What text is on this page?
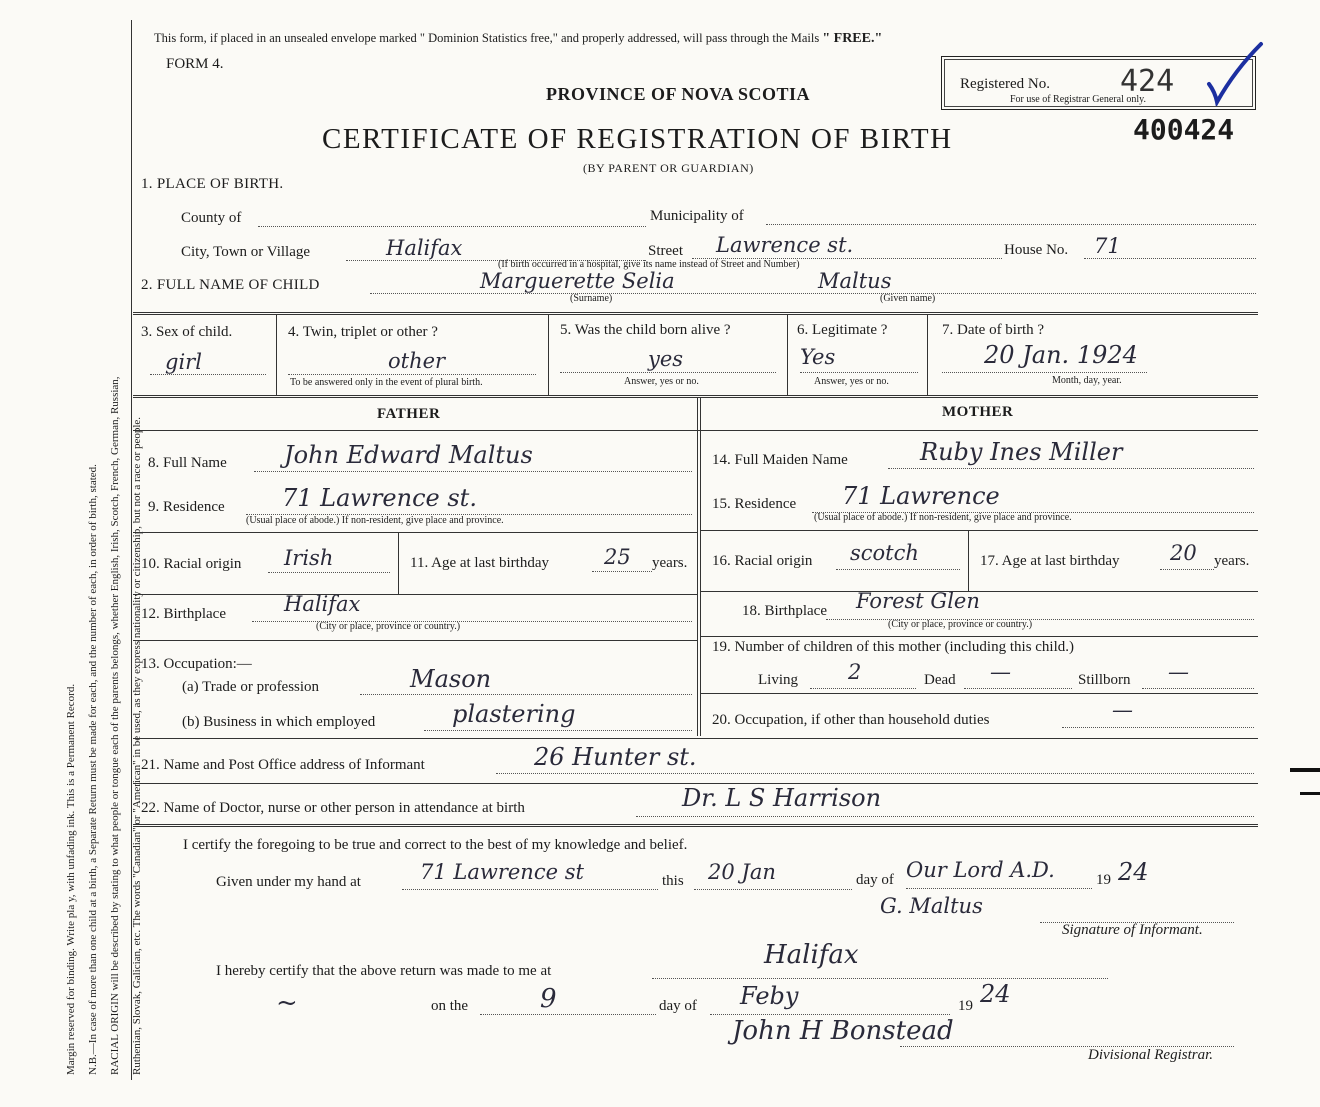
Margin reserved for binding. Write pla y, with unfading ink. This is a Permanent Record. N.B.—In case of more than one child at a birth, a Separate Return must be made for each, and the number of each, in order of birth, stated. RACIAL ORIGIN will be described by stating to what people or tongue each of the parents belongs, whether English, Irish, Scotch, French, German, Russian, Ruthenian, Slovak, Galician, etc. The words "Canadian" or "American" in be used, as they express nationality or citizenship, but not a race or people.
This form, if placed in an unsealed envelope marked " Dominion Statistics free," and properly addressed, will pass through the Mails " FREE."
FORM 4.
PROVINCE OF NOVA SCOTIA
CERTIFICATE OF REGISTRATION OF BIRTH
(BY PARENT OR GUARDIAN)
Registered No. 424
For use of Registrar General only.
400424
1. PLACE OF BIRTH.
County of	Municipality of
City, Town or Village	Halifax	Street Lawrence st.	House No. 71
(If birth occurred in a hospital, give its name instead of Street and Number)
2. FULL NAME OF CHILD	Marguerette Selia	Maltus
(Surname)	(Given name)
3. Sex of child.
girl
4. Twin, triplet or other ?
other
To be answered only in the event of plural birth.
5. Was the child born alive ?
yes
Answer, yes or no.
6. Legitimate ?
Yes
Answer, yes or no.
7. Date of birth ?
20 Jan. 1924
Month, day, year.
FATHER	MOTHER
8. Full Name John Edward Maltus
9. Residence 71 Lawrence st.
(Usual place of abode.) If non-resident, give place and province.
10. Racial origin Irish	11. Age at last birthday	25 years.
12. Birthplace	Halifax
(City or place, province or country.)
13. Occupation:—
(a) Trade or profession	Mason
(b) Business in which employed	plastering
14. Full Maiden Name	Ruby Ines Miller
15. Residence 71 Lawrence
(Usual place of abode.) If non-resident, give place and province.
16. Racial origin scotch	17. Age at last birthday 20 years.
18. Birthplace Forest Glen
(City or place, province or country.)
19. Number of children of this mother (including this child.)
Living 2	Dead —	Stillborn —
20. Occupation, if other than household duties	—
21. Name and Post Office address of Informant	26 Hunter st.
22. Name of Doctor, nurse or other person in attendance at birth	Dr. L S Harrison
I certify the foregoing to be true and correct to the best of my knowledge and belief.
Given under my hand at	71 Lawrence st	this 20 Jan	day of Our Lord A.D.	19 24
G. Maltus
Signature of Informant.
I hereby certify that the above return was made to me at
Halifax
~	on the	9	day of Feby	19 24
John H Bonstead
Divisional Registrar.
